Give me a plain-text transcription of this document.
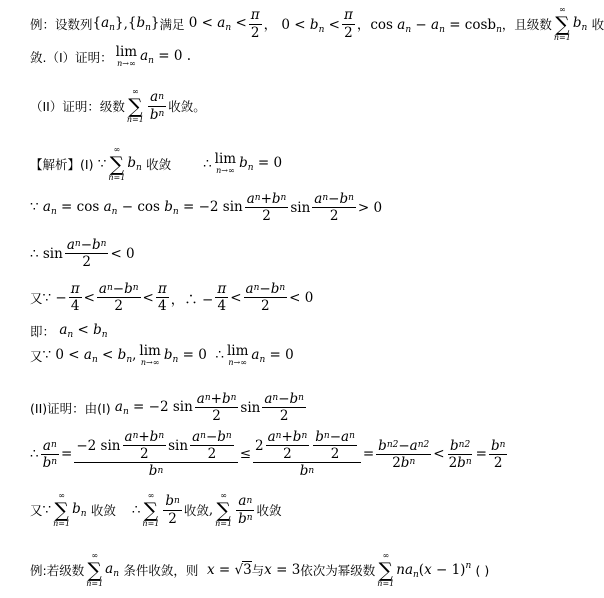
例：设数列 $\{a_n\}$ , $\{b_n\}$ 满足 $0 < a_n < \frac{\pi}{2}$ ， $0 < b_n < \frac{\pi}{2}$ ，$\cos a_n - a_n = \cos b_n$ ，且级数
∞
∑
n=1
$b_n$ 收
敛. （I）证明： lim
n→∞ $a_n = 0$ .
（II）证明：级数
∞
∑
$n=1 \frac{\text{a n}}{\text{b n}}$ 收敛。
【解析】 (I) ∵
∞
∑
n=1
$b_n$ 收敛 ∴ lim
n→∞ $b_n = 0$
∵ $a_n = \cos a_n - \cos b_n = -2$ $\sin \frac{\text{a n + b n}}{2}$ $\sin \frac{\text{a n − b n}}{2} > 0$
∴ $\sin \frac{\text{a n − b n}}{2} < 0$
又 ∵ − $\frac{\pi}{4} < \frac{\text{a n − b n}}{2} < \frac{\pi}{4}$ ，∴ − $\frac{\pi}{4} < \frac{\text{a n − b n}}{2} < 0$
即： $a_n < b_n$
又 ∵ $0 < a_n < b_n$, lim
n→∞ $b_n = 0$  ∴ lim
n→∞ $a_n = 0$
(II)证明：由(I) $a_n = -2$ $\sin \frac{\text{a n + b n}}{2}$ $\sin \frac{\text{a n − b n}}{2}$
∴ $\frac{\text{a n}}{\text{b n}} = \frac{-2 \sin \frac{\text{a n + b n}}{2} \sin \frac{\text{a n − b n}}{2}}{\text{b n}} \le \frac{2 \frac{\text{a n + b n}}{2} \frac{\text{b n − a n}}{2}}{\text{b n}} = \frac{\text{b n 2 − a n 2}}{\text{2 b n}} < \frac{\text{b n 2}}{\text{2 b n}} = \frac{\text{b n}}{2}$
又 ∵
∞
∑
n=1
$b_n$ 收敛 ∴
∞
∑
$n=1 \frac{\text{b n}}{2}$ 收敛 ,
∞
∑
$n=1 \frac{\text{a n}}{\text{b n}}$ 收敛
例:若级数
∞
∑
n=1
$a_n$ 条件收敛，则 x = √3 与 x = 3 依次为幂级数
∞
∑
n=1
$na_n(x - 1)^n$ ( )
